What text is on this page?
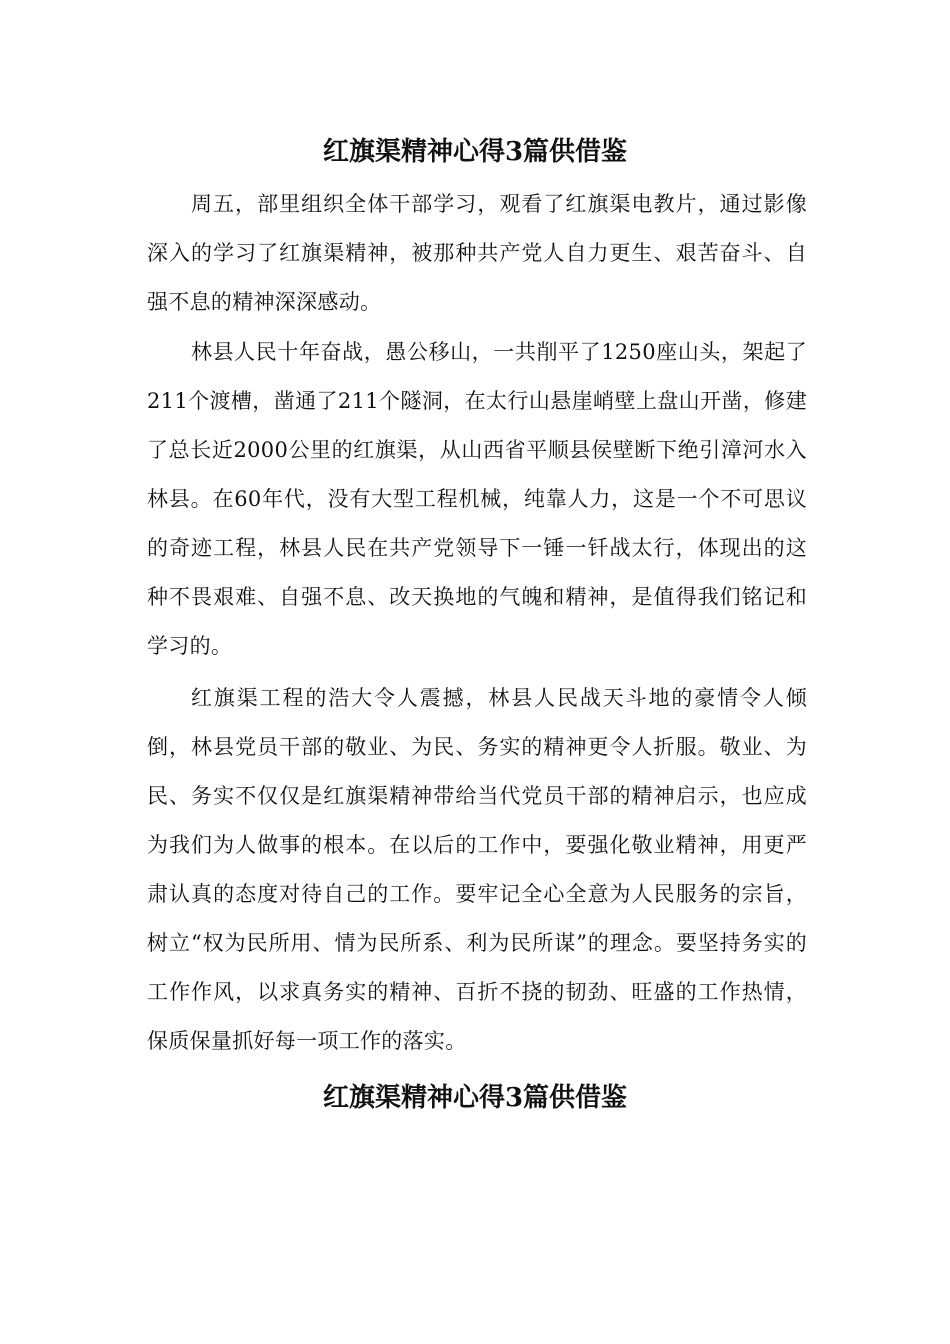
红旗渠精神心得3篇供借鉴

周五，部里组织全体干部学习，观看了红旗渠电教片，通过影像深入的学习了红旗渠精神，被那种共产党人自力更生、艰苦奋斗、自强不息的精神深深感动。

林县人民十年奋战，愚公移山，一共削平了1250座山头，架起了211个渡槽，凿通了211个隧洞，在太行山悬崖峭壁上盘山开凿，修建了总长近2000公里的红旗渠，从山西省平顺县侯壁断下绝引漳河水入林县。在60年代，没有大型工程机械，纯靠人力，这是一个不可思议的奇迹工程，林县人民在共产党领导下一锤一钎战太行，体现出的这种不畏艰难、自强不息、改天换地的气魄和精神，是值得我们铭记和学习的。

红旗渠工程的浩大令人震撼，林县人民战天斗地的豪情令人倾倒，林县党员干部的敬业、为民、务实的精神更令人折服。敬业、为民、务实不仅仅是红旗渠精神带给当代党员干部的精神启示，也应成为我们为人做事的根本。在以后的工作中，要强化敬业精神，用更严肃认真的态度对待自己的工作。要牢记全心全意为人民服务的宗旨，树立“权为民所用、情为民所系、利为民所谋”的理念。要坚持务实的工作作风，以求真务实的精神、百折不挠的韧劲、旺盛的工作热情，保质保量抓好每一项工作的落实。

红旗渠精神心得3篇供借鉴
